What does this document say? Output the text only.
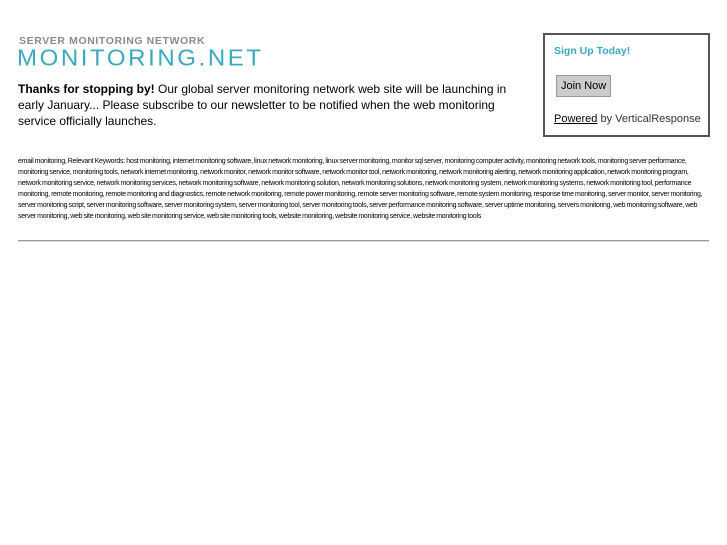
SERVER MONITORING NETWORK
MONITORING.NET
Thanks for stopping by! Our global server monitoring network web site will be launching in early January... Please subscribe to our newsletter to be notified when the web monitoring service officially launches.
Sign Up Today!
Join Now
Powered by VerticalResponse
email monitoring, Relevant Keywords: host monitoring, internet monitoring software, linux network monitoring, linux server monitoring, monitor sql server, monitoring computer activity, monitoring network tools, monitoring server performance, monitoring service, monitoring tools, network internet monitoring, network monitor, network monitor software, network monitor tool, network monitoring, network monitoring alerting, network monitoring application, network monitoring program, network monitoring service, network monitoring services, network monitoring software, network monitoring solution, network monitoring solutions, network monitoring system, network monitoring systems, network monitoring tool, performance monitoring, remote monitoring, remote monitoring and diagnostics, remote network monitoring, remote power monitoring, remote server monitoring software, remote system monitoring, response time monitoring, server monitor, server monitoring, server monitoring script, server monitoring software, server monitoring system, server monitoring tool, server monitoring tools, server performance monitoring software, server uptime monitoring, servers monitoring, web monitoring software, web server monitoring, web site monitoring, web site monitoring service, web site monitoring tools, website monitoring, website monitoring service, website monitoring tools
